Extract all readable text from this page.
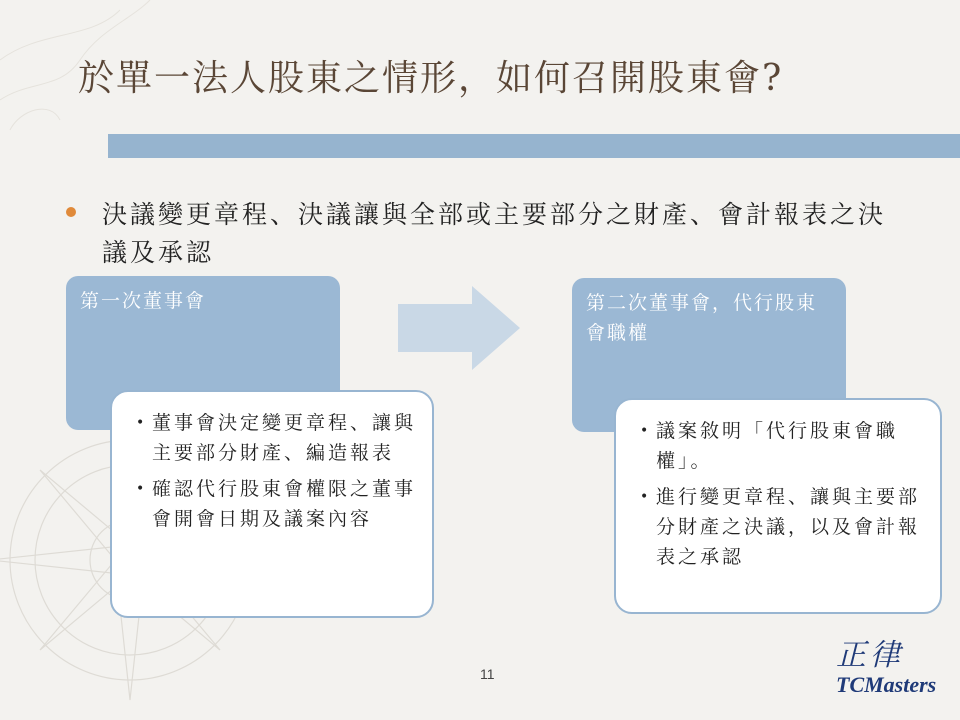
於單一法人股東之情形，如何召開股東會?
決議變更章程、決議讓與全部或主要部分之財產、會計報表之決議及承認
第一次董事會
• 董事會決定變更章程、讓與主要部分財產、編造報表
• 確認代行股東會權限之董事會開會日期及議案內容
第二次董事會，代行股東會職權
• 議案敘明「代行股東會職權」。
• 進行變更章程、讓與主要部分財產之決議，以及會計報表之承認
11
正律
TCMasters
